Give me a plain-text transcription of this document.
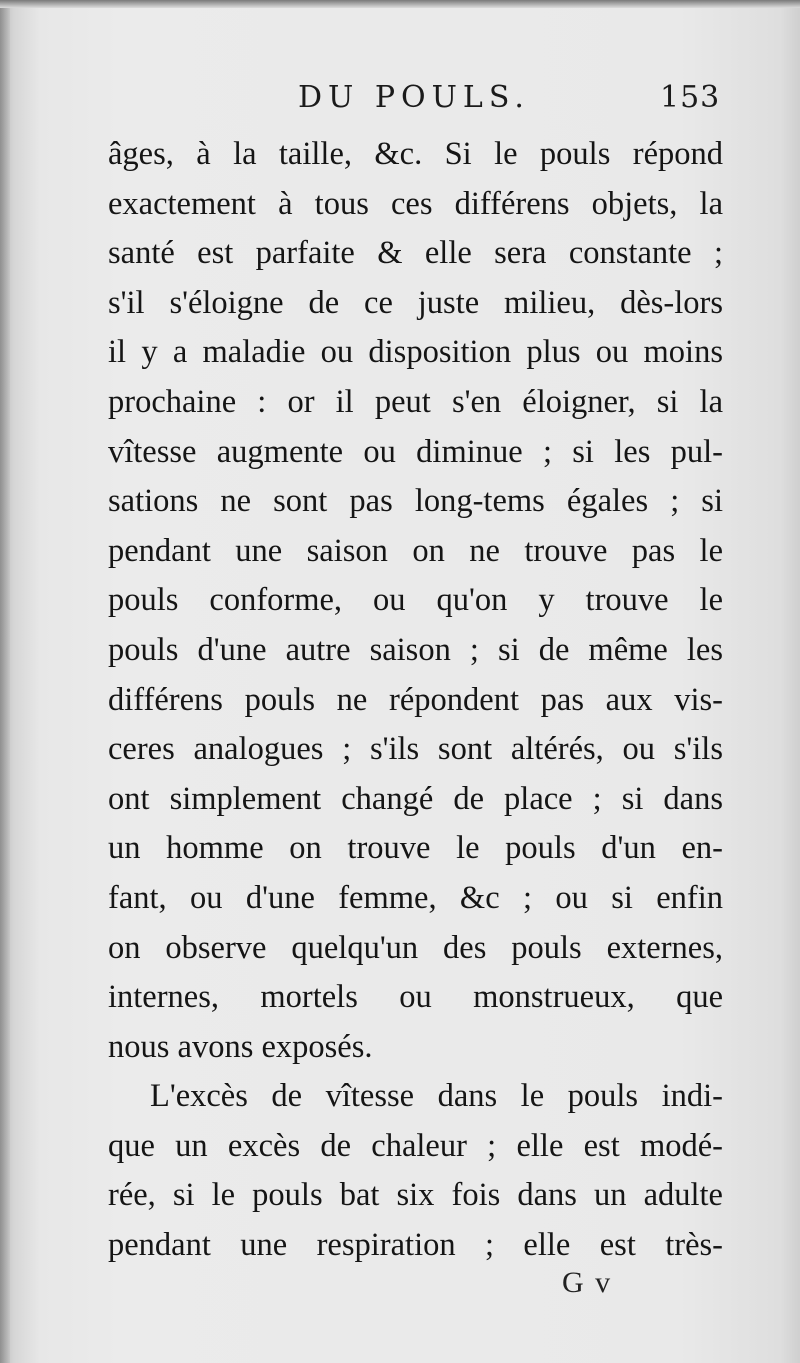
DU POULS.	153
âges, à la taille, &c. Si le pouls répond
exactement à tous ces différens objets, la
santé est parfaite & elle sera constante ;
s'il s'éloigne de ce juste milieu, dès-lors
il y a maladie ou disposition plus ou moins
prochaine : or il peut s'en éloigner, si la
vîtesse augmente ou diminue ; si les pul-
sations ne sont pas long-tems égales ; si
pendant une saison on ne trouve pas le
pouls conforme, ou qu'on y trouve le
pouls d'une autre saison ; si de même les
différens pouls ne répondent pas aux vis-
ceres analogues ; s'ils sont altérés, ou s'ils
ont simplement changé de place ; si dans
un homme on trouve le pouls d'un en-
fant, ou d'une femme, &c ; ou si enfin
on observe quelqu'un des pouls externes,
internes, mortels ou monstrueux, que
nous avons exposés.
L'excès de vîtesse dans le pouls indi-
que un excès de chaleur ; elle est modé-
rée, si le pouls bat six fois dans un adulte
pendant une respiration ; elle est très-
G v
